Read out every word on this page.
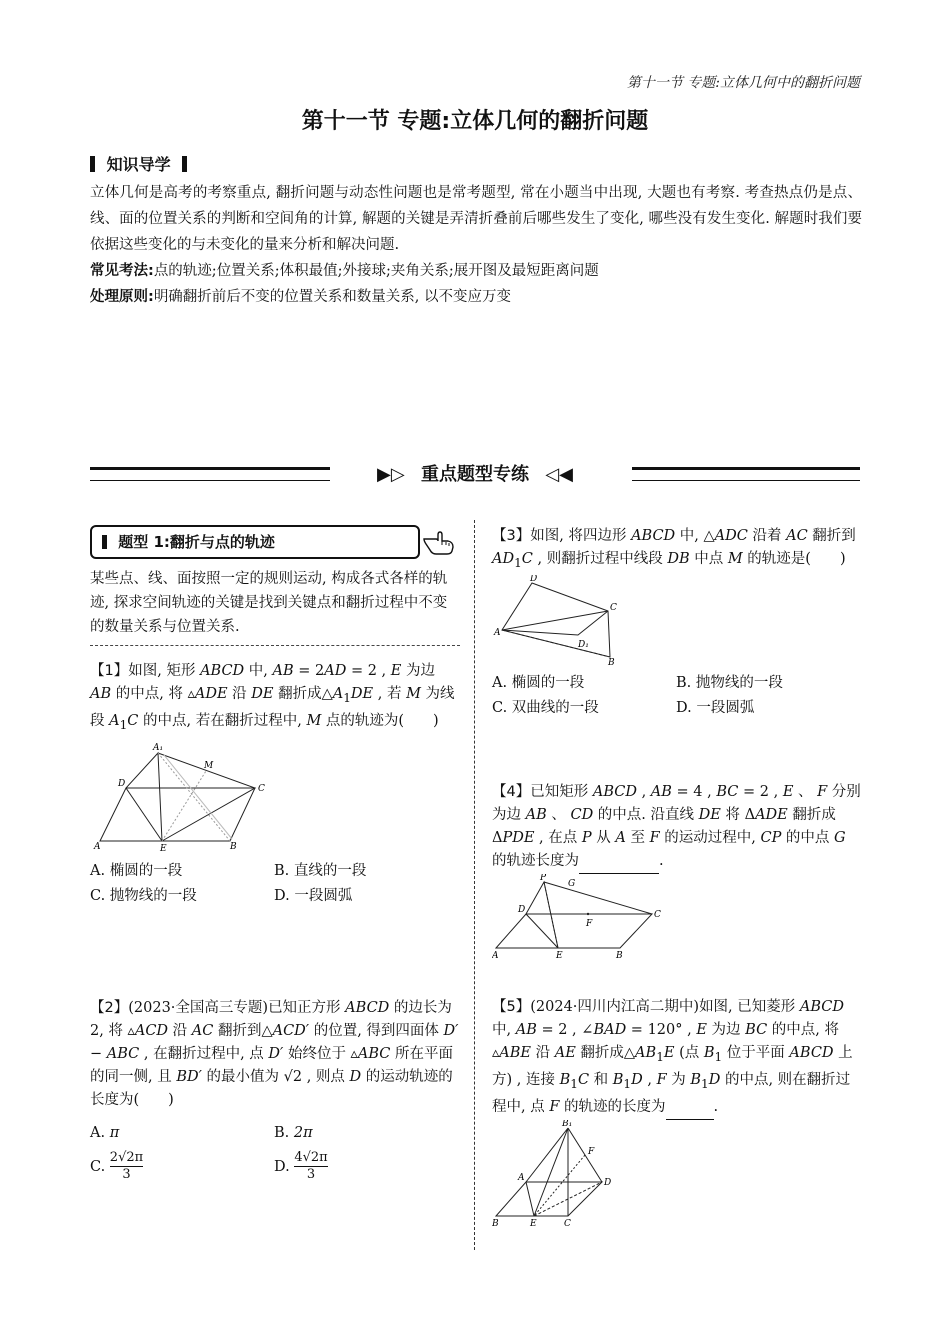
第十一节 专题:立体几何中的翻折问题
第十一节 专题:立体几何的翻折问题
知识导学
立体几何是高考的考察重点, 翻折问题与动态性问题也是常考题型, 常在小题当中出现, 大题也有考察. 考查热点仍是点、线、面的位置关系的判断和空间角的计算, 解题的关键是弄清折叠前后哪些发生了变化, 哪些没有发生变化. 解题时我们要依据这些变化的与未变化的量来分析和解决问题.
常见考法:点的轨迹;位置关系;体积最值;外接球;夹角关系;展开图及最短距离问题
处理原则:明确翻折前后不变的位置关系和数量关系, 以不变应万变
▶▷ 重点题型专练 ◁◀
题型 1:翻折与点的轨迹
某些点、线、面按照一定的规则运动, 构成各式各样的轨迹, 探求空间轨迹的关键是找到关键点和翻折过程中不变的数量关系与位置关系.
【1】如图, 矩形 ABCD 中, AB = 2AD = 2 , E 为边 AB 的中点, 将 ▵ADE 沿 DE 翻折成$\triangle A_1DE$ , 若 M 为线段 $A_1C$ 的中点, 若在翻折过程中, M 点的轨迹为(　　)
A	B
C
D
E
A₁
M
A. 椭圆的一段	B. 直线的一段
C. 抛物线的一段	D. 一段圆弧
【2】(2023·全国高三专题)已知正方形 ABCD 的边长为 2, 将 ▵ACD 沿 AC 翻折到△ACD′ 的位置, 得到四面体 D′ − ABC , 在翻折过程中, 点 D′ 始终位于 ▵ABC 所在平面的同一侧, 且 BD′ 的最小值为 √2 , 则点 D 的运动轨迹的长度为(　　)
A. π	B. 2π
C. $\frac{2√2\pi}{3}$	D. $\frac{4√2\pi}{3}$
【3】如图, 将四边形 ABCD 中, △ADC 沿着 AC 翻折到 $AD_1C$ , 则翻折过程中线段 DB 中点 M 的轨迹是(　　)
A
D
C
B
D₁
A. 椭圆的一段	B. 抛物线的一段
C. 双曲线的一段	D. 一段圆弧
【4】已知矩形 ABCD , AB = 4 , BC = 2 , E 、 F 分别为边 AB 、 CD 的中点. 沿直线 DE 将 ΔADE 翻折成 ΔPDE , 在点 P 从 A 至 F 的运动过程中, CP 的中点 G 的轨迹长度为	.
A	E	B
C
D
P
G
F
【5】(2024·四川内江高二期中)如图, 已知菱形 ABCD 中, AB = 2 , ∠BAD = 120° , E 为边 BC 的中点, 将 ▵ABE 沿 AE 翻折成$\triangle AB_1E$ (点 $B_1$ 位于平面 ABCD 上方) , 连接 $B_1C$ 和 $B_1D$ , F 为 $B_1D$ 的中点, 则在翻折过程中, 点 F 的轨迹的长度为	.
B	E	C
D
A
B₁
F
